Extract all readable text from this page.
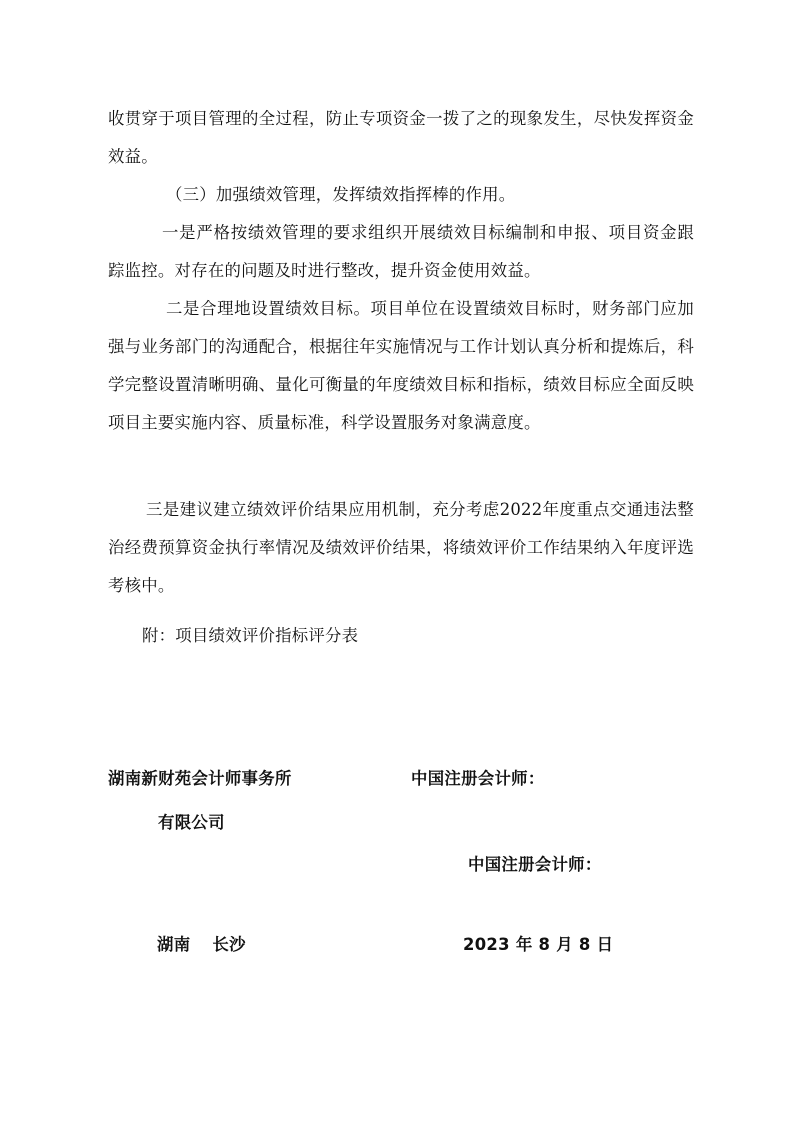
收贯穿于项目管理的全过程，防止专项资金一拨了之的现象发生，尽快发挥资金效益。

（三）加强绩效管理，发挥绩效指挥棒的作用。

一是严格按绩效管理的要求组织开展绩效目标编制和申报、项目资金跟踪监控。对存在的问题及时进行整改，提升资金使用效益。

二是合理地设置绩效目标。项目单位在设置绩效目标时，财务部门应加强与业务部门的沟通配合，根据往年实施情况与工作计划认真分析和提炼后，科学完整设置清晰明确、量化可衡量的年度绩效目标和指标，绩效目标应全面反映项目主要实施内容、质量标准，科学设置服务对象满意度。

三是建议建立绩效评价结果应用机制，充分考虑2022年度重点交通违法整治经费预算资金执行率情况及绩效评价结果，将绩效评价工作结果纳入年度评选考核中。

附：项目绩效评价指标评分表

湖南新财苑会计师事务所
有限公司
中国注册会计师：
中国注册会计师：
湖南 长沙	2023 年 8 月 8 日
